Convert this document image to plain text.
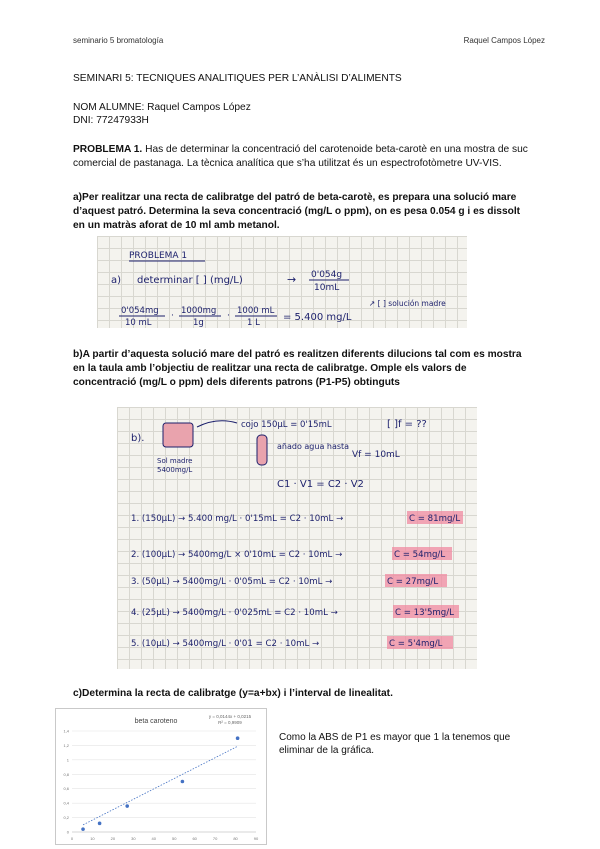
seminario 5 bromatología	Raquel Campos López
SEMINARI 5: TECNIQUES ANALITIQUES PER L’ANÀLISI D’ALIMENTS
NOM ALUMNE: Raquel Campos López
DNI: 77247933H
PROBLEMA 1. Has de determinar la concentració del carotenoide beta-carotè en una mostra de suc
comercial de pastanaga. La tècnica analítica que s’ha utilitzat és un espectrofotòmetre UV-VIS.
a)Per realitzar una recta de calibratge del patró de beta-carotè, es prepara una solució mare
d’aquest patró. Determina la seva concentració (mg/L o ppm), on es pesa 0.054 g i es dissolt
en un matràs aforat de 10 ml amb metanol.
PROBLEMA 1
a) determinar [ ] (mg/L)	→ 0'054g
10mL
0'054mg
10 mL
· 1000mg
1g
· 1000 mL
1 L = 5.400 mg/L
↗ [ ] solución madre
b)A partir d’aquesta solució mare del patró es realitzen diferents dilucions tal com es mostra
en la taula amb l’objectiu de realitzar una recta de calibratge. Omple els valors de
concentració (mg/L o ppm) dels diferents patrons (P1-P5) obtinguts
b).
cojo 150µL = 0'15mL	[ ]f = ??
añado agua hasta
Vf = 10mL
Sol madre
5400mg/L
C1 · V1 = C2 · V2
1. (150µL) → 5.400 mg/L · 0'15mL = C2 · 10mL →	C = 81mg/L
2. (100µL) → 5400mg/L × 0'10mL = C2 · 10mL →	C = 54mg/L
3. (50µL) → 5400mg/L · 0'05mL = C2 · 10mL →	C = 27mg/L
4. (25µL) → 5400mg/L · 0'025mL = C2 · 10mL →	C = 13'5mg/L
5. (10µL) → 5400mg/L · 0'01 = C2 · 10mL →	C = 5'4mg/L
c)Determina la recta de calibratge (y=a+bx) i l’interval de linealitat.
beta caroteno
y = 0,0144x + 0,0215
R² = 0,9909
0
0,2
0,4
0,6
0,8
1
1,2
1,4
0	10	20	30	40	50	60	70	80	90
Como la ABS de P1 es mayor que 1 la tenemos que
eliminar de la gráfica.
